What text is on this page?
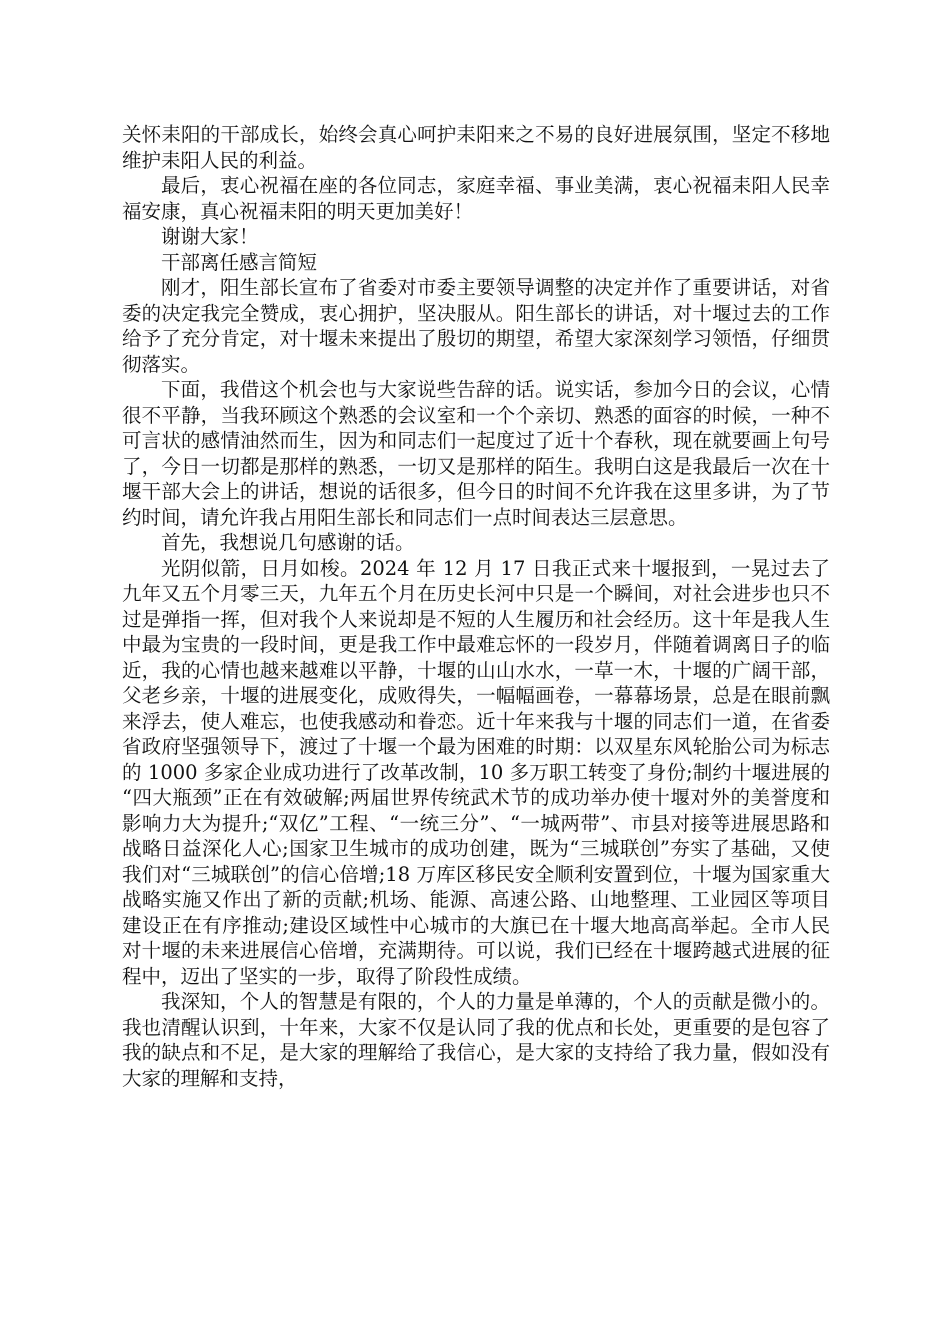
关怀耒阳的干部成长，始终会真心呵护耒阳来之不易的良好进展氛围，坚定不移地维护耒阳人民的利益。

最后，衷心祝福在座的各位同志，家庭幸福、事业美满，衷心祝福耒阳人民幸福安康，真心祝福耒阳的明天更加美好！

谢谢大家！

干部离任感言简短

刚才，阳生部长宣布了省委对市委主要领导调整的决定并作了重要讲话，对省委的决定我完全赞成，衷心拥护，坚决服从。阳生部长的讲话，对十堰过去的工作给予了充分肯定，对十堰未来提出了殷切的期望，希望大家深刻学习领悟，仔细贯彻落实。

下面，我借这个机会也与大家说些告辞的话。说实话，参加今日的会议，心情很不平静，当我环顾这个熟悉的会议室和一个个亲切、熟悉的面容的时候，一种不可言状的感情油然而生，因为和同志们一起度过了近十个春秋，现在就要画上句号了，今日一切都是那样的熟悉，一切又是那样的陌生。我明白这是我最后一次在十堰干部大会上的讲话，想说的话很多，但今日的时间不允许我在这里多讲，为了节约时间，请允许我占用阳生部长和同志们一点时间表达三层意思。

首先，我想说几句感谢的话。

光阴似箭，日月如梭。2024 年 12 月 17 日我正式来十堰报到，一晃过去了九年又五个月零三天，九年五个月在历史长河中只是一个瞬间，对社会进步也只不过是弹指一挥，但对我个人来说却是不短的人生履历和社会经历。这十年是我人生中最为宝贵的一段时间，更是我工作中最难忘怀的一段岁月，伴随着调离日子的临近，我的心情也越来越难以平静，十堰的山山水水，一草一木，十堰的广阔干部，父老乡亲，十堰的进展变化，成败得失，一幅幅画卷，一幕幕场景，总是在眼前飘来浮去，使人难忘，也使我感动和眷恋。近十年来我与十堰的同志们一道，在省委省政府坚强领导下，渡过了十堰一个最为困难的时期：以双星东风轮胎公司为标志的 1000 多家企业成功进行了改革改制，10 多万职工转变了身份;制约十堰进展的“四大瓶颈”正在有效破解;两届世界传统武术节的成功举办使十堰对外的美誉度和影响力大为提升;“双亿”工程、“一统三分”、“一城两带”、市县对接等进展思路和战略日益深化人心;国家卫生城市的成功创建，既为“三城联创”夯实了基础，又使我们对“三城联创”的信心倍增;18 万库区移民安全顺利安置到位，十堰为国家重大战略实施又作出了新的贡献;机场、能源、高速公路、山地整理、工业园区等项目建设正在有序推动;建设区域性中心城市的大旗已在十堰大地高高举起。全市人民对十堰的未来进展信心倍增，充满期待。可以说，我们已经在十堰跨越式进展的征程中，迈出了坚实的一步，取得了阶段性成绩。

我深知，个人的智慧是有限的，个人的力量是单薄的，个人的贡献是微小的。我也清醒认识到，十年来，大家不仅是认同了我的优点和长处，更重要的是包容了我的缺点和不足，是大家的理解给了我信心，是大家的支持给了我力量，假如没有大家的理解和支持，
